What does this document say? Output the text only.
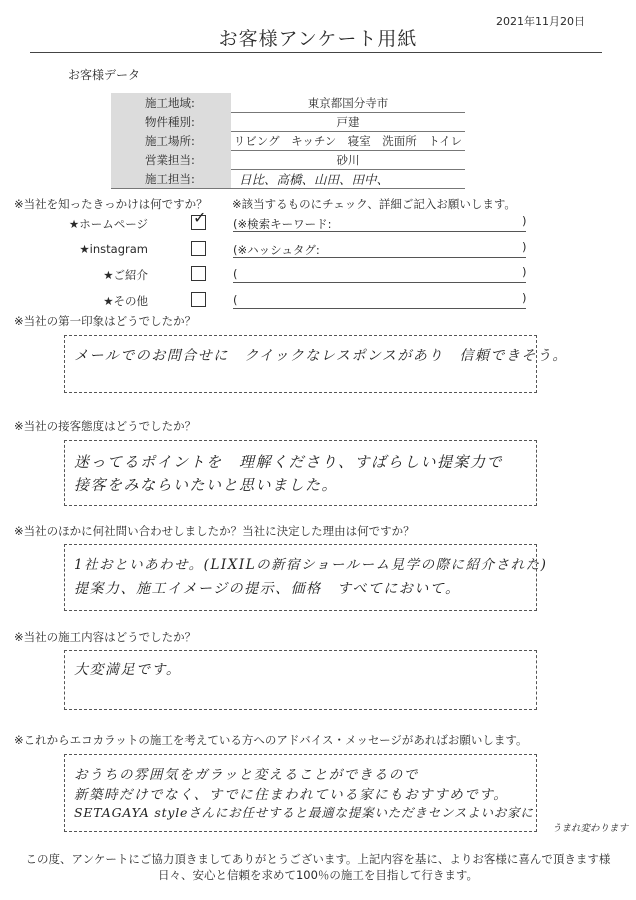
2021年11月20日
お客様アンケート用紙
お客様データ
施工地域:	東京都国分寺市
物件種別:	戸建
施工場所:	リビング　キッチン　寝室　洗面所　トイレ
営業担当:	砂川
施工担当:	日比、高橋、山田、田中、
※当社を知ったきっかけは何ですか？ ※該当するものにチェック、詳細ご記入お願いします。
★ホームページ	✓ (※検索キーワード:	)
★instagram	(※ハッシュタグ:	)
★ご紹介	(	)
★その他	(	)
※当社の第一印象はどうでしたか？
メールでのお問合せに　クイックなレスポンスがあり　信頼できそう。
※当社の接客態度はどうでしたか？
迷ってるポイントを　理解くださり、すばらしい提案力で
接客をみならいたいと思いました。
※当社のほかに何社問い合わせしましたか？当社に決定した理由は何ですか？
1社おといあわせ。(LIXILの新宿ショールーム見学の際に紹介された)
提案力、施工イメージの提示、価格　すべてにおいて。
※当社の施工内容はどうでしたか？
大変満足です。
※これからエコカラットの施工を考えている方へのアドバイス・メッセージがあればお願いします。
おうちの雰囲気をガラッと変えることができるので
新築時だけでなく、すでに住まわれている家にもおすすめです。
SETAGAYA styleさんにお任せすると最適な提案いただきセンスよいお家に
うまれ変わります
この度、アンケートにご協力頂きましてありがとうございます。上記内容を基に、よりお客様に喜んで頂きます様
日々、安心と信頼を求めて100％の施工を目指して行きます。
